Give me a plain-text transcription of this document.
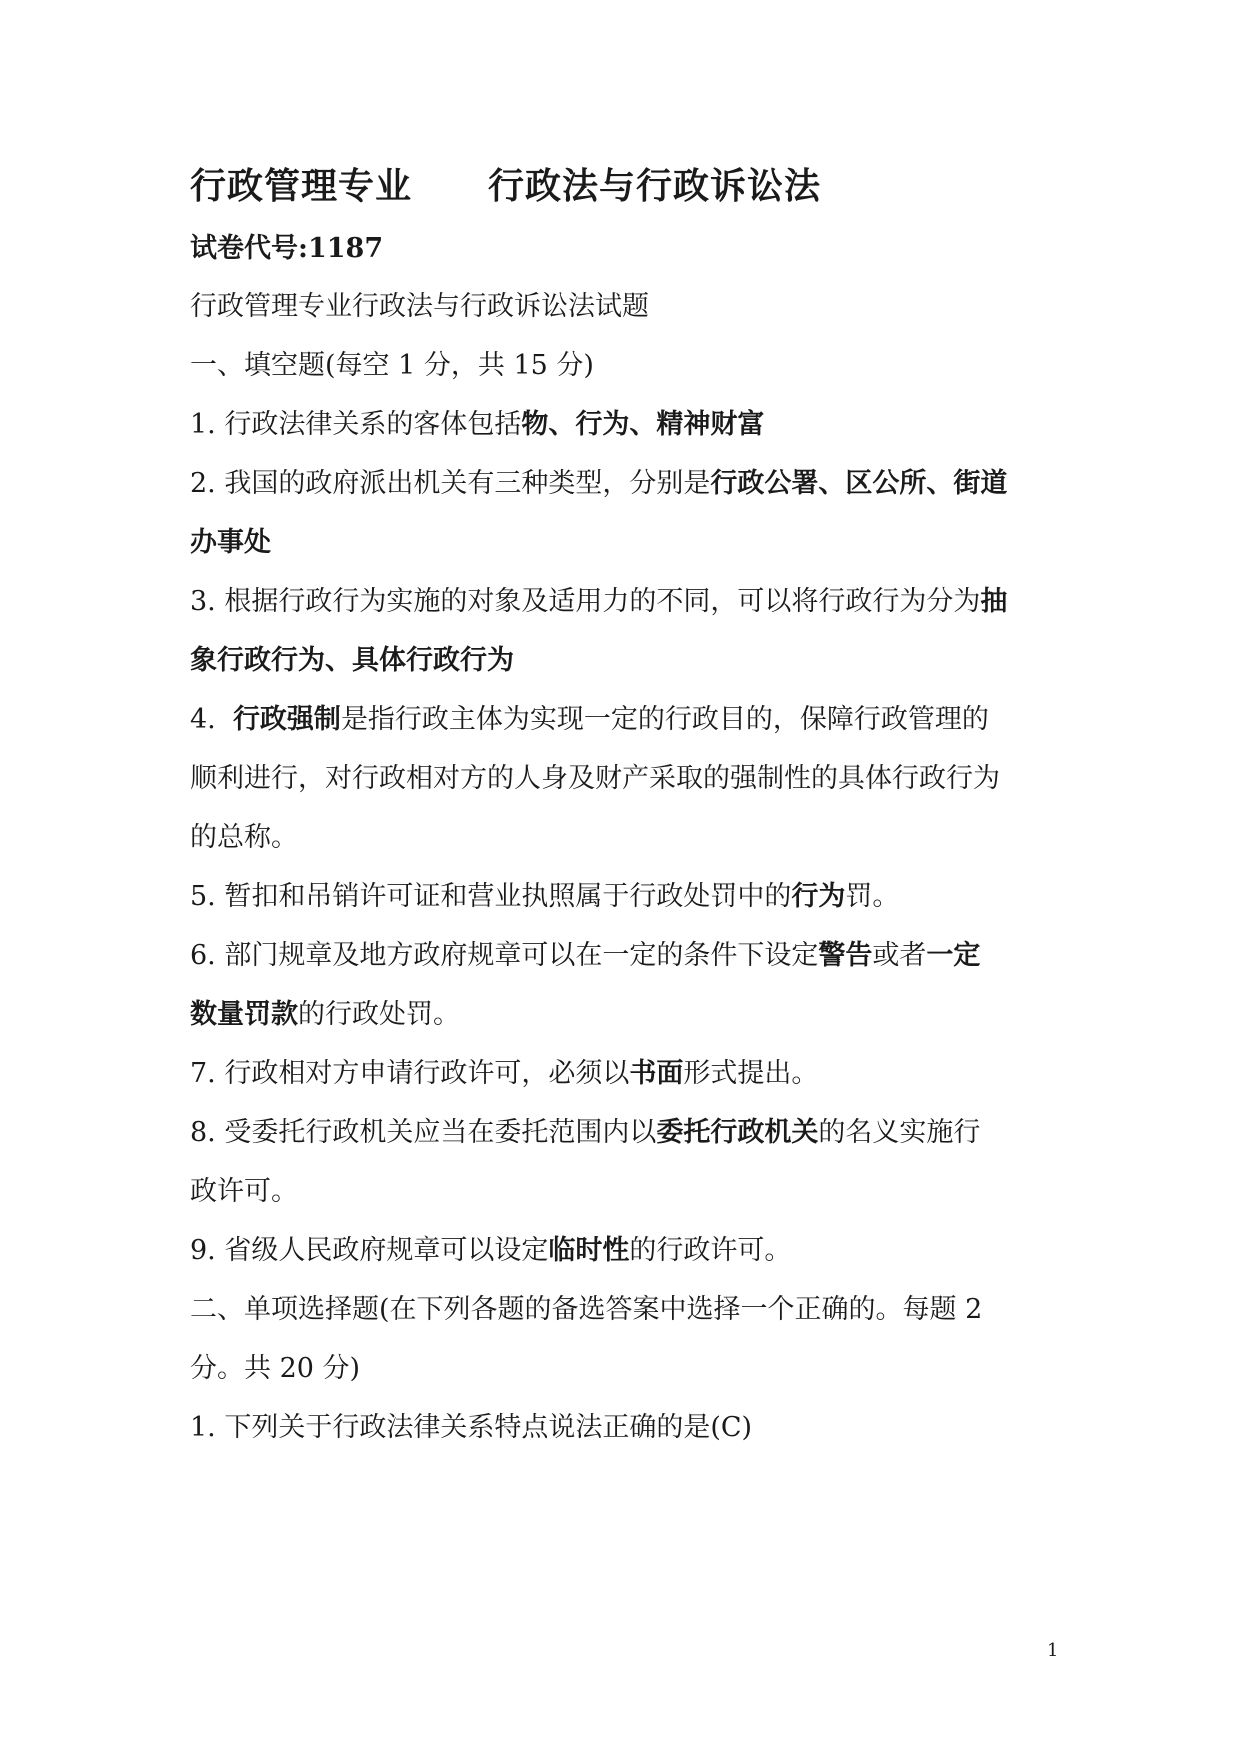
行政管理专业 行政法与行政诉讼法
试卷代号:1187
行政管理专业行政法与行政诉讼法试题
一、填空题(每空 1 分，共 15 分)
1. 行政法律关系的客体包括物、行为、精神财富
2. 我国的政府派出机关有三种类型，分别是行政公署、区公所、街道
办事处
3. 根据行政行为实施的对象及适用力的不同，可以将行政行为分为抽
象行政行为、具体行政行为
4.  行政强制是指行政主体为实现一定的行政目的，保障行政管理的
顺利进行，对行政相对方的人身及财产采取的强制性的具体行政行为
的总称。
5. 暂扣和吊销许可证和营业执照属于行政处罚中的行为罚。
6. 部门规章及地方政府规章可以在一定的条件下设定警告或者一定
数量罚款的行政处罚。
7. 行政相对方申请行政许可，必须以书面形式提出。
8. 受委托行政机关应当在委托范围内以委托行政机关的名义实施行
政许可。
9. 省级人民政府规章可以设定临时性的行政许可。
二、单项选择题(在下列各题的备选答案中选择一个正确的。每题 2
分。共 20 分)
1. 下列关于行政法律关系特点说法正确的是(C)
1
